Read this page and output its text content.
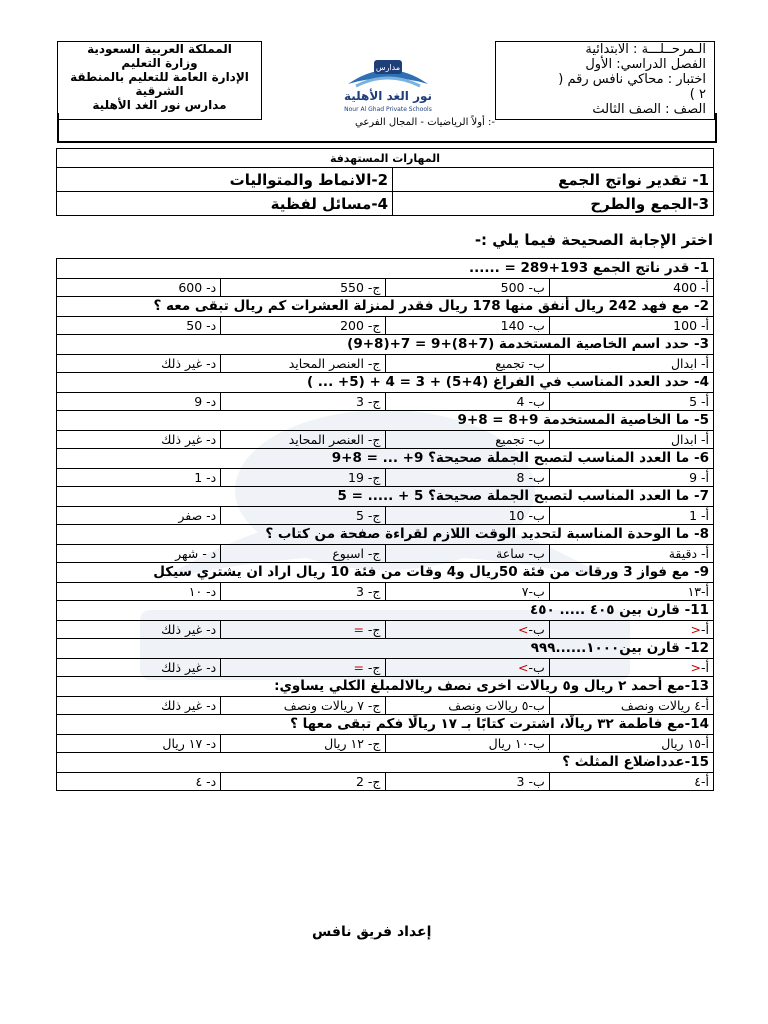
الـمرحــلـــة : الابتدائية
الفصل الدراسي: الأول
اختبار : محاكي نافس رقم (
٢ )
الصف : الصف الثالث
المملكة العربية السعودية
وزارة التعليم
الإدارة العامة للتعليم بالمنطقة الشرقية
مدارس نور الغد الأهلية
مدارس
نور الغد الأهلية
Nour Al Ghad Private Schools
-: أولاً الرياضيات - المجال الفرعي
المهارات المستهدفة	
1- تقدير نواتج الجمع	2-الانماط والمتواليات
3-الجمع والطرح	4-مسائل لفظية
اختر الإجابة الصحيحة فيما يلي :-
1- قدر ناتج الجمع 193+289 = ......			
أ- 400	ب- 500	ج- 550	د- 600
2- مع فهد 242 ريال أنفق منها 178 ريال فقدر لمنزلة العشرات كم ريال تبقى معه ؟			
أ- 100	ب- 140	ج- 200	د- 50
3- حدد اسم الخاصية المستخدمة (7+8)+9 = 7+(8+9)			
أ- ابدال	ب- تجميع	ج- العنصر المحايد	د- غير ذلك
4- حدد العدد المناسب في الفراغ (4+5) + 3 = 4 + (5+ ... )			
أ- 5	ب- 4	ج- 3	د- 9
5- ما الخاصية المستخدمة 9+8 = 8+9			
أ- ابدال	ب- تجميع	ج- العنصر المحايد	د- غير ذلك
6- ما العدد المناسب لتصبح الجملة صحيحة؟ 9+ ... = 8+9			
أ- 9	ب- 8	ج- 19	د- 1
7- ما العدد المناسب لتصبح الجملة صحيحة؟ 5 + ..... = 5			
أ- 1	ب- 10	ج- 5	د- صفر
8- ما الوحدة المناسبة لتحديد الوقت اللازم لقراءة صفحة من كتاب ؟			
أ- دقيقة	ب- ساعة	ج- اسبوع	د - شهر
9- مع فواز 3 ورقات من فئة 50ريال و4 وقات من فئة 10 ريال اراد ان يشتري سيكل			
أ-١٣	ب-٧	ج- 3	د- ١٠
11- قارن بين ٤٠٥ ..... ٤٥٠			
أ-<	ب->	ج- =	د- غير ذلك
12- قارن بين١٠٠٠......٩٩٩			
أ-<	ب->	ج- =	د- غير ذلك
13-مع أحمد ٢ ريال و٥ ريالات اخرى نصف ريالالمبلغ الكلي يساوي:			
أ-٤ ريالات ونصف	ب-٥ ريالات ونصف	ج- ٧ ريالات ونصف	د- غير ذلك
14-مع فاطمة ٣٢ ريالًا، اشترت كتابًا بـ ١٧ ريالًا فكم تبقى معها ؟			
أ-١٥ ريال	ب-١٠ ريال	ج- ١٢ ريال	د- ١٧ ريال
15-عدداضلاع المثلث ؟			
أ-٤	ب- 3	ج- 2	د- ٤
إعداد فريق نافس
